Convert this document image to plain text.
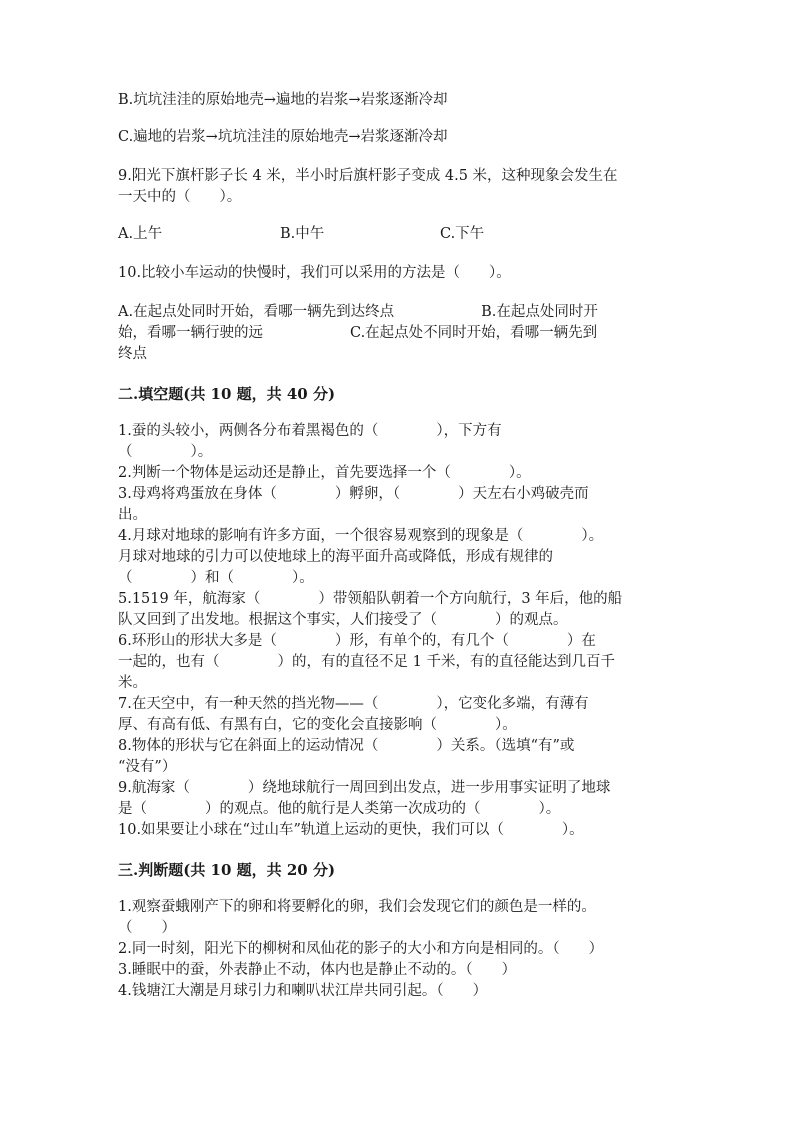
B.坑坑洼洼的原始地壳→遍地的岩浆→岩浆逐渐冷却

C.遍地的岩浆→坑坑洼洼的原始地壳→岩浆逐渐冷却

9.阳光下旗杆影子长 4 米，半小时后旗杆影子变成 4.5 米，这种现象会发生在

一天中的（　　）。

A.上午	B.中午	C.下午

10.比较小车运动的快慢时，我们可以采用的方法是（　　）。

A.在起点处同时开始，看哪一辆先到达终点　　　　　　B.在起点处同时开

始，看哪一辆行驶的远　　　　　　C.在起点处不同时开始，看哪一辆先到

终点

二.填空题(共 10 题，共 40 分)

1.蚕的头较小，两侧各分布着黑褐色的（　　　　），下方有

（　　　　）。

2.判断一个物体是运动还是静止，首先要选择一个（　　　　）。

3.母鸡将鸡蛋放在身体（　　　　）孵卵，（　　　　）天左右小鸡破壳而

出。

4.月球对地球的影响有许多方面，一个很容易观察到的现象是（　　　　）。

月球对地球的引力可以使地球上的海平面升高或降低，形成有规律的

（　　　　）和（　　　　）。

5.1519 年，航海家（　　　　）带领船队朝着一个方向航行，3 年后，他的船

队又回到了出发地。根据这个事实，人们接受了（　　　　）的观点。

6.环形山的形状大多是（　　　　）形，有单个的，有几个（　　　　）在

一起的，也有（　　　　）的，有的直径不足 1 千米，有的直径能达到几百千

米。

7.在天空中，有一种天然的挡光物——（　　　　），它变化多端，有薄有

厚、有高有低、有黑有白，它的变化会直接影响（　　　　）。

8.物体的形状与它在斜面上的运动情况（　　　　）关系。（选填“有”或

“没有”）

9.航海家（　　　　）绕地球航行一周回到出发点，进一步用事实证明了地球

是（　　　　）的观点。他的航行是人类第一次成功的（　　　　）。

10.如果要让小球在“过山车”轨道上运动的更快，我们可以（　　　　）。

三.判断题(共 10 题，共 20 分)

1.观察蚕蛾刚产下的卵和将要孵化的卵，我们会发现它们的颜色是一样的。

（　　）

2.同一时刻，阳光下的柳树和凤仙花的影子的大小和方向是相同的。（　　）

3.睡眠中的蚕，外表静止不动，体内也是静止不动的。（　　）

4.钱塘江大潮是月球引力和喇叭状江岸共同引起。（　　）
